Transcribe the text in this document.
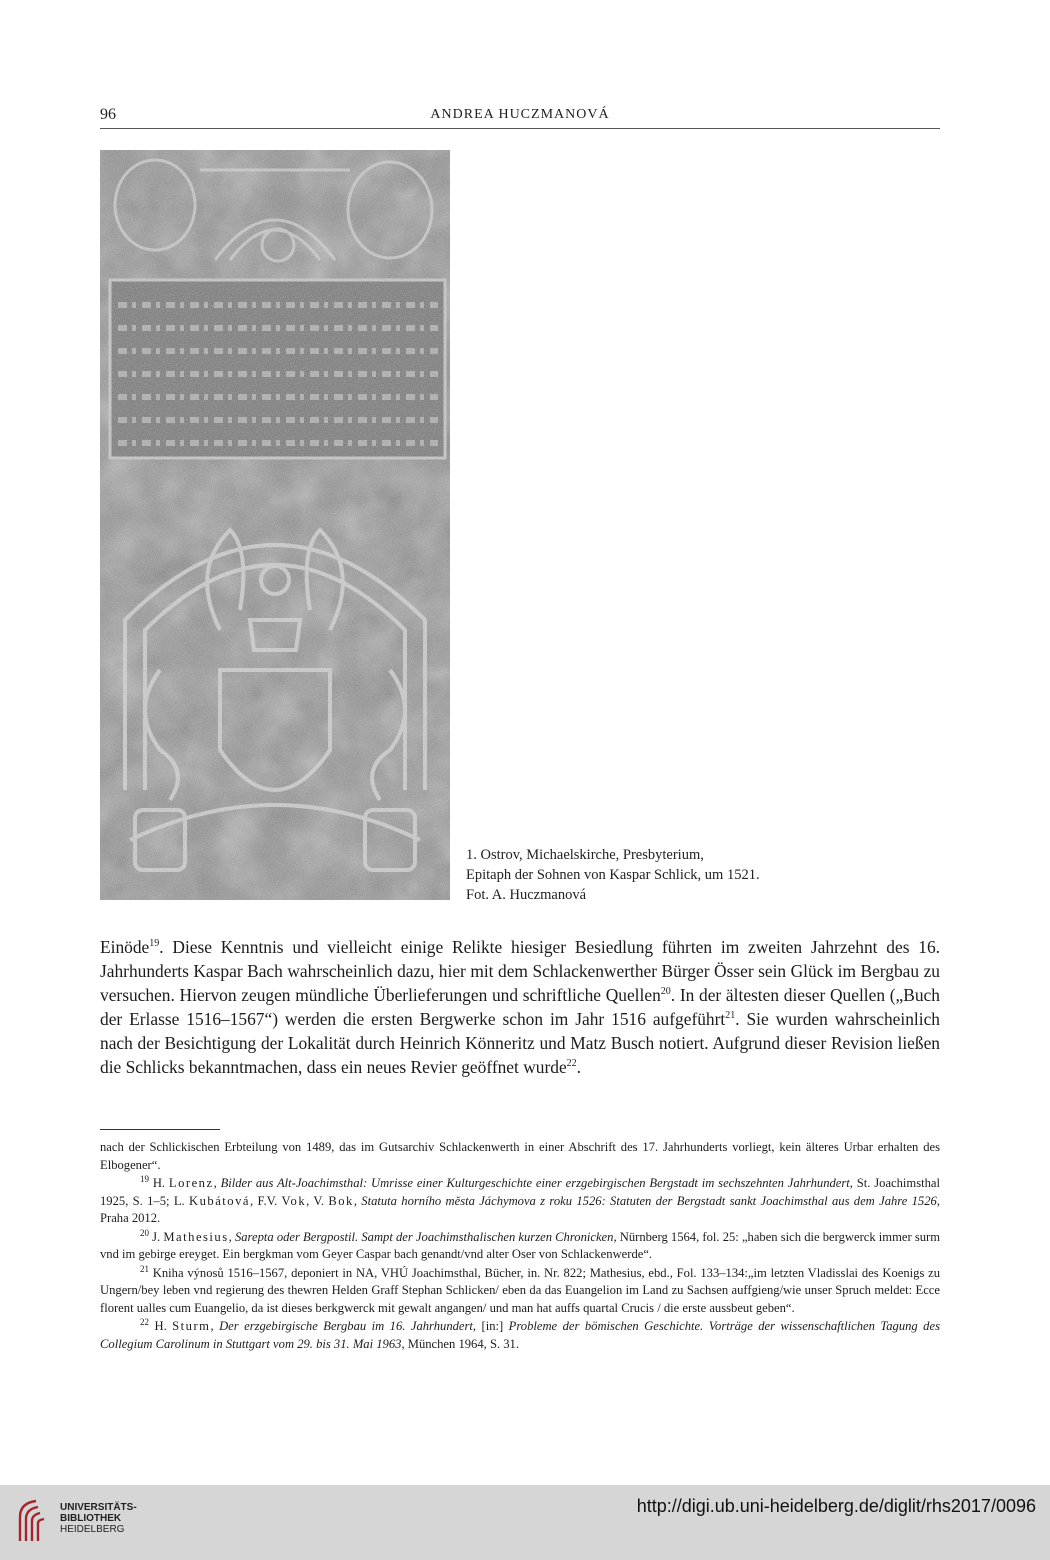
96	ANDREA HUCZMANOVÁ
1. Ostrov, Michaelskirche, Presbyterium,
Epitaph der Sohnen von Kaspar Schlick, um 1521.
Fot. A. Huczmanová

Einöde$^{19}$. Diese Kenntnis und vielleicht einige Relikte hiesiger Besiedlung führten im zweiten Jahrzehnt des 16. Jahrhunderts Kaspar Bach wahrscheinlich dazu, hier mit dem Schlackenwerther Bürger Össer sein Glück im Bergbau zu versuchen. Hiervon zeugen mündliche Überlieferungen und schriftliche Quellen$^{20}$. In der ältesten dieser Quellen („Buch der Erlasse 1516–1567“) werden die ersten Bergwerke schon im Jahr 1516 aufgeführt$^{21}$. Sie wurden wahrscheinlich nach der Besichtigung der Lokalität durch Heinrich Könneritz und Matz Busch notiert. Aufgrund dieser Revision ließen die Schlicks bekanntmachen, dass ein neues Revier geöffnet wurde$^{22}$.

nach der Schlickischen Erbteilung von 1489, das im Gutsarchiv Schlackenwerth in einer Abschrift des 17. Jahrhunderts vorliegt, kein älteres Urbar erhalten des Elbogener“.

$^{19}$ H. Lorenz, Bilder aus Alt-Joachimsthal: Umrisse einer Kulturgeschichte einer erzgebirgischen Bergstadt im sechszehnten Jahrhundert, St. Joachimsthal 1925, S. 1–5; L. Kubátová, F.V. Vok, V. Bok, Statuta horního města Jáchymova z roku 1526: Statuten der Bergstadt sankt Joachimsthal aus dem Jahre 1526, Praha 2012.

$^{20}$ J. Mathesius, Sarepta oder Bergpostil. Sampt der Joachimsthalischen kurzen Chronicken, Nürnberg 1564, fol. 25: „haben sich die bergwerck immer surm vnd im gebirge ereyget. Ein bergkman vom Geyer Caspar bach genandt/vnd alter Oser von Schlackenwerde“.

$^{21}$ Kniha výnosů 1516–1567, deponiert in NA, VHÚ Joachimsthal, Bücher, in. Nr. 822; Mathesius, ebd., Fol. 133–134:„im letzten Vladisslai des Koenigs zu Ungern/bey leben vnd regierung des thewren Helden Graff Stephan Schlicken/ eben da das Euangelion im Land zu Sachsen auffgieng/wie unser Spruch meldet: Ecce florent ualles cum Euangelio, da ist dieses berkgwerck mit gewalt angangen/ und man hat auffs quartal Crucis / die erste aussbeut geben“.

$^{22}$ H. Sturm, Der erzgebirgische Bergbau im 16. Jahrhundert, [in:] Probleme der bömischen Geschichte. Vorträge der wissenschaftlichen Tagung des Collegium Carolinum in Stuttgart vom 29. bis 31. Mai 1963, München 1964, S. 31.

UNIVERSITÄTS-
BIBLIOTHEK
HEIDELBERG
http://digi.ub.uni-heidelberg.de/diglit/rhs2017/0096
